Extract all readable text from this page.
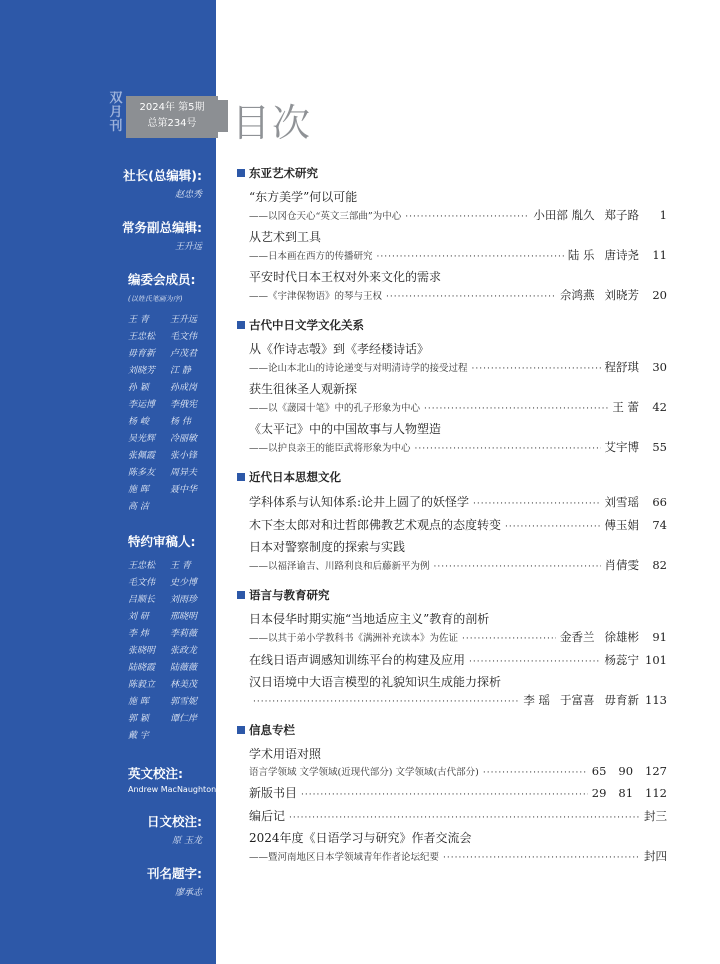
双月刊
2024年 第5期
总第234号
社长(总编辑):
赵忠秀
常务副总编辑:
王升远
编委会成员:
(以姓氏笔画为序)
王 青	王升远
王忠松	毛文伟
毋育新	卢茂君
刘晓芳	江 静
孙 颖	孙成岗
李运博	李俄宪
杨 峻	杨 伟
吴光辉	冷丽敏
张佩霞	张小锋
陈多友	周异夫
施 晖	聂中华
高 洁
特约审稿人:
王忠松	王 青
毛文伟	史少博
吕顺长	刘雨珍
刘 研	邢晓明
李 炜	李莉薇
张晓明	张政龙
陆晓霞	陆薇薇
陈毅立	林美茂
施 晖	郭雪妮
郭 颖	谭仁岸
戴 宇
英文校注:
Andrew MacNaughton
日文校注:
原 玉龙
刊名题字:
廖承志
目次
东亚艺术研究
“东方美学”何以可能
——以冈仓天心“英文三部曲”为中心 ·····	小田部 胤久 郑子路	1
从艺术到工具
——日本画在西方的传播研究 ·····	陆 乐 唐诗尧	11
平安时代日本王权对外来文化的需求
——《宇津保物语》的琴与王权 ·····	佘鸿燕 刘晓芳	20
古代中日文学文化关系
从《作诗志彀》到《孝经楼诗话》
——论山本北山的诗论递变与对明清诗学的接受过程 ·····	程舒琪	30
获生徂徕圣人观新探
——以《蘐园十笔》中的孔子形象为中心 ·····	王 蕾	42
《太平记》中的中国故事与人物塑造
——以护良亲王的能臣武将形象为中心 ·····	艾宇博	55
近代日本思想文化
学科体系与认知体系:论井上圆了的妖怪学 ·····	刘雪瑶	66
木下杢太郎对和辻哲郎佛教艺术观点的态度转变 ·····	傅玉娟	74
日本对警察制度的探索与实践
——以福泽谕吉、川路利良和后藤新平为例 ·····	肖倩雯	82
语言与教育研究
日本侵华时期实施“当地适应主义”教育的剖析
——以其于弟小学教科书《满洲补充读本》为佐证 ·····	金香兰 徐雄彬	91
在线日语声调感知训练平台的构建及应用 ·····	杨蕊宁 101
汉日语境中大语言模型的礼貌知识生成能力探析
·····
李 瑶 于富喜 毋育新 113
信息专栏
学术用语对照
语言学领域 文学领域(近现代部分) 文学领域(古代部分) ·····	65 90 127
新版书目 ·····	29 81 112
编后记 ·····	封三
2024年度《日语学习与研究》作者交流会
——暨河南地区日本学领域青年作者论坛纪要 ·····	封四
